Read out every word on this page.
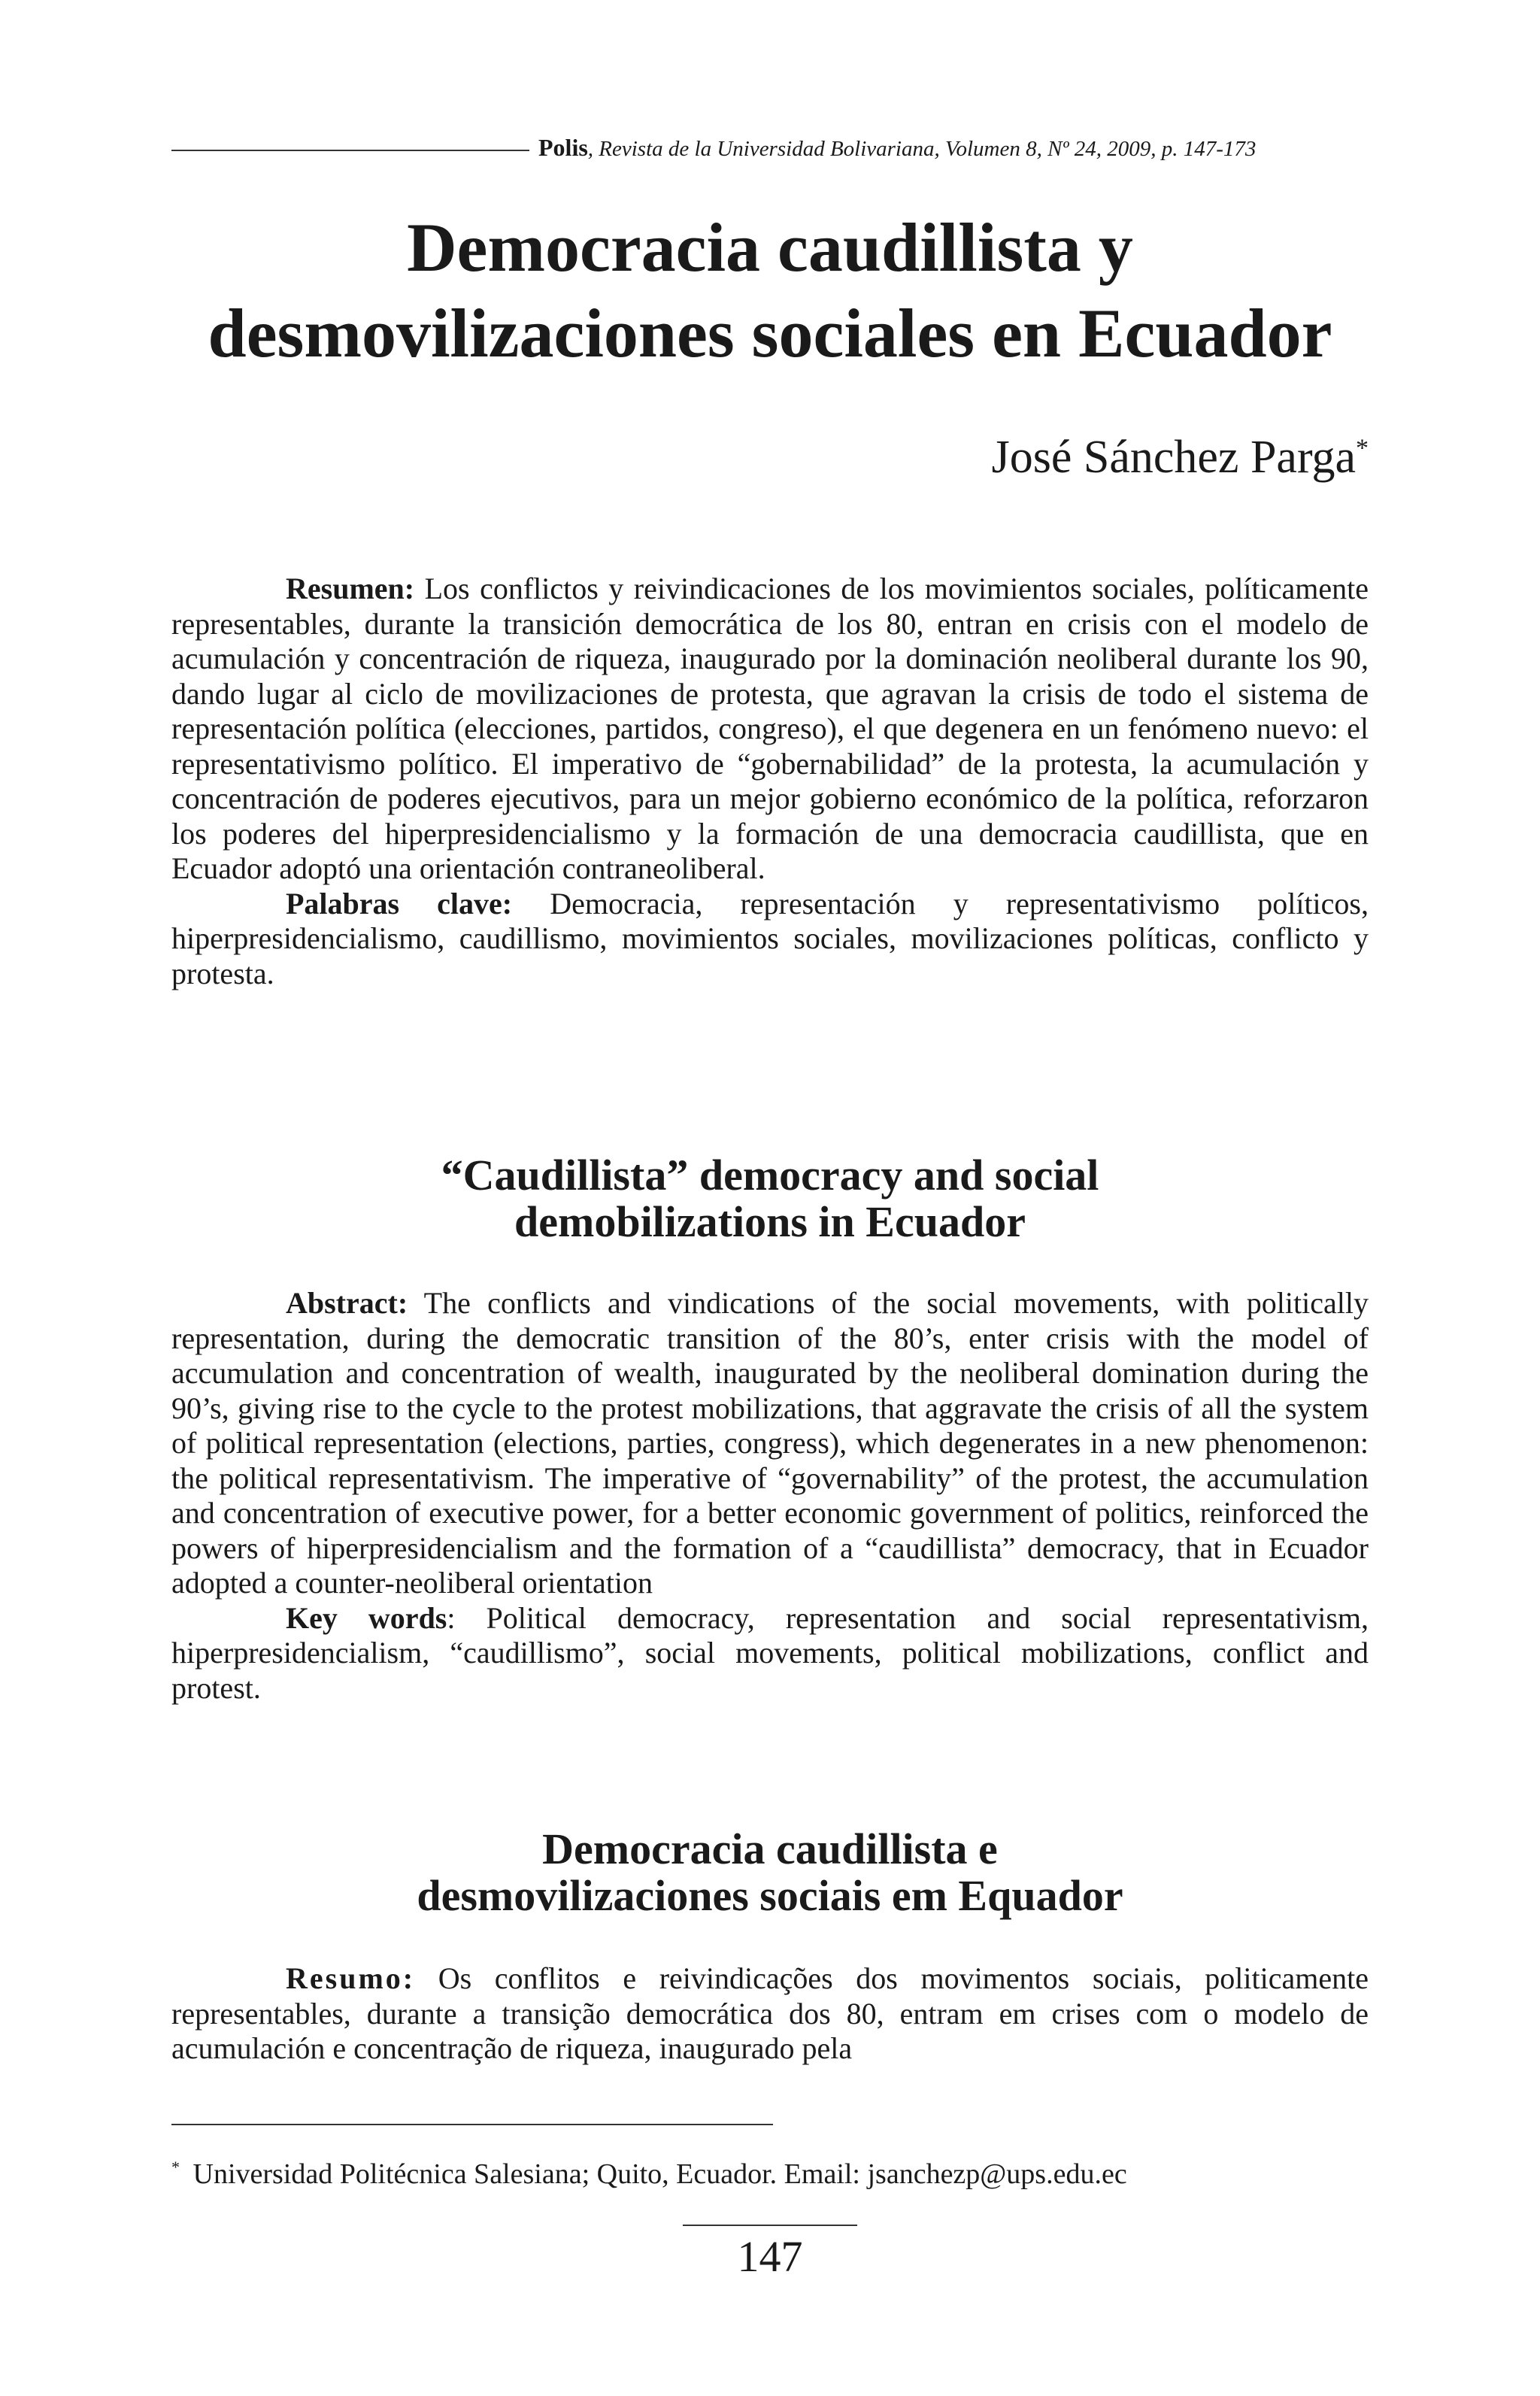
Polis , Revista de la Universidad Bolivariana, Volumen 8, Nº 24, 2009, p. 147-173
Democracia caudillista y
desmovilizaciones sociales en Ecuador
José Sánchez Parga*

Resumen: Los conflictos y reivindicaciones de los movimientos sociales, políticamente representables, durante la transición democrática de los 80, entran en crisis con el modelo de acumulación y concentración de riqueza, inaugurado por la dominación neoliberal durante los 90, dando lugar al ciclo de movilizaciones de protesta, que agravan la crisis de todo el sistema de representación política (elecciones, partidos, congreso), el que degenera en un fenómeno nuevo: el representativismo político. El imperativo de “gobernabilidad” de la protesta, la acumulación y concentración de poderes ejecutivos, para un mejor gobierno económico de la política, reforzaron los poderes del hiperpresidencialismo y la formación de una democracia caudillista, que en Ecuador adoptó una orientación contraneoliberal.

Palabras clave: Democracia, representación y representativismo políticos, hiperpresidencialismo, caudillismo, movimientos sociales, movilizaciones políticas, conflicto y protesta.

“Caudillista” democracy and social
demobilizations in Ecuador

Abstract: The conflicts and vindications of the social movements, with politically representation, during the democratic transition of the 80’s, enter crisis with the model of accumulation and concentration of wealth, inaugurated by the neoliberal domination during the 90’s, giving rise to the cycle to the protest mobilizations, that aggravate the crisis of all the system of political representation (elections, parties, congress), which degenerates in a new phenomenon: the political representativism. The imperative of “governability” of the protest, the accumulation and concentration of executive power, for a better economic government of politics, reinforced the powers of hiperpresidencialism and the formation of a “caudillista” democracy, that in Ecuador adopted a counter-neoliberal orientation

Key words: Political democracy, representation and social representativism, hiperpresidencialism, “caudillismo”, social movements, political mobilizations, conflict and protest.

Democracia caudillista e
desmovilizaciones sociais em Equador

Resumo: Os conflitos e reivindicações dos movimentos sociais, politicamente representables, durante a transição democrática dos 80, entram em crises com o modelo de acumulación e concentração de riqueza, inaugurado pela

* Universidad Politécnica Salesiana; Quito, Ecuador. Email: jsanchezp@ups.edu.ec
147
